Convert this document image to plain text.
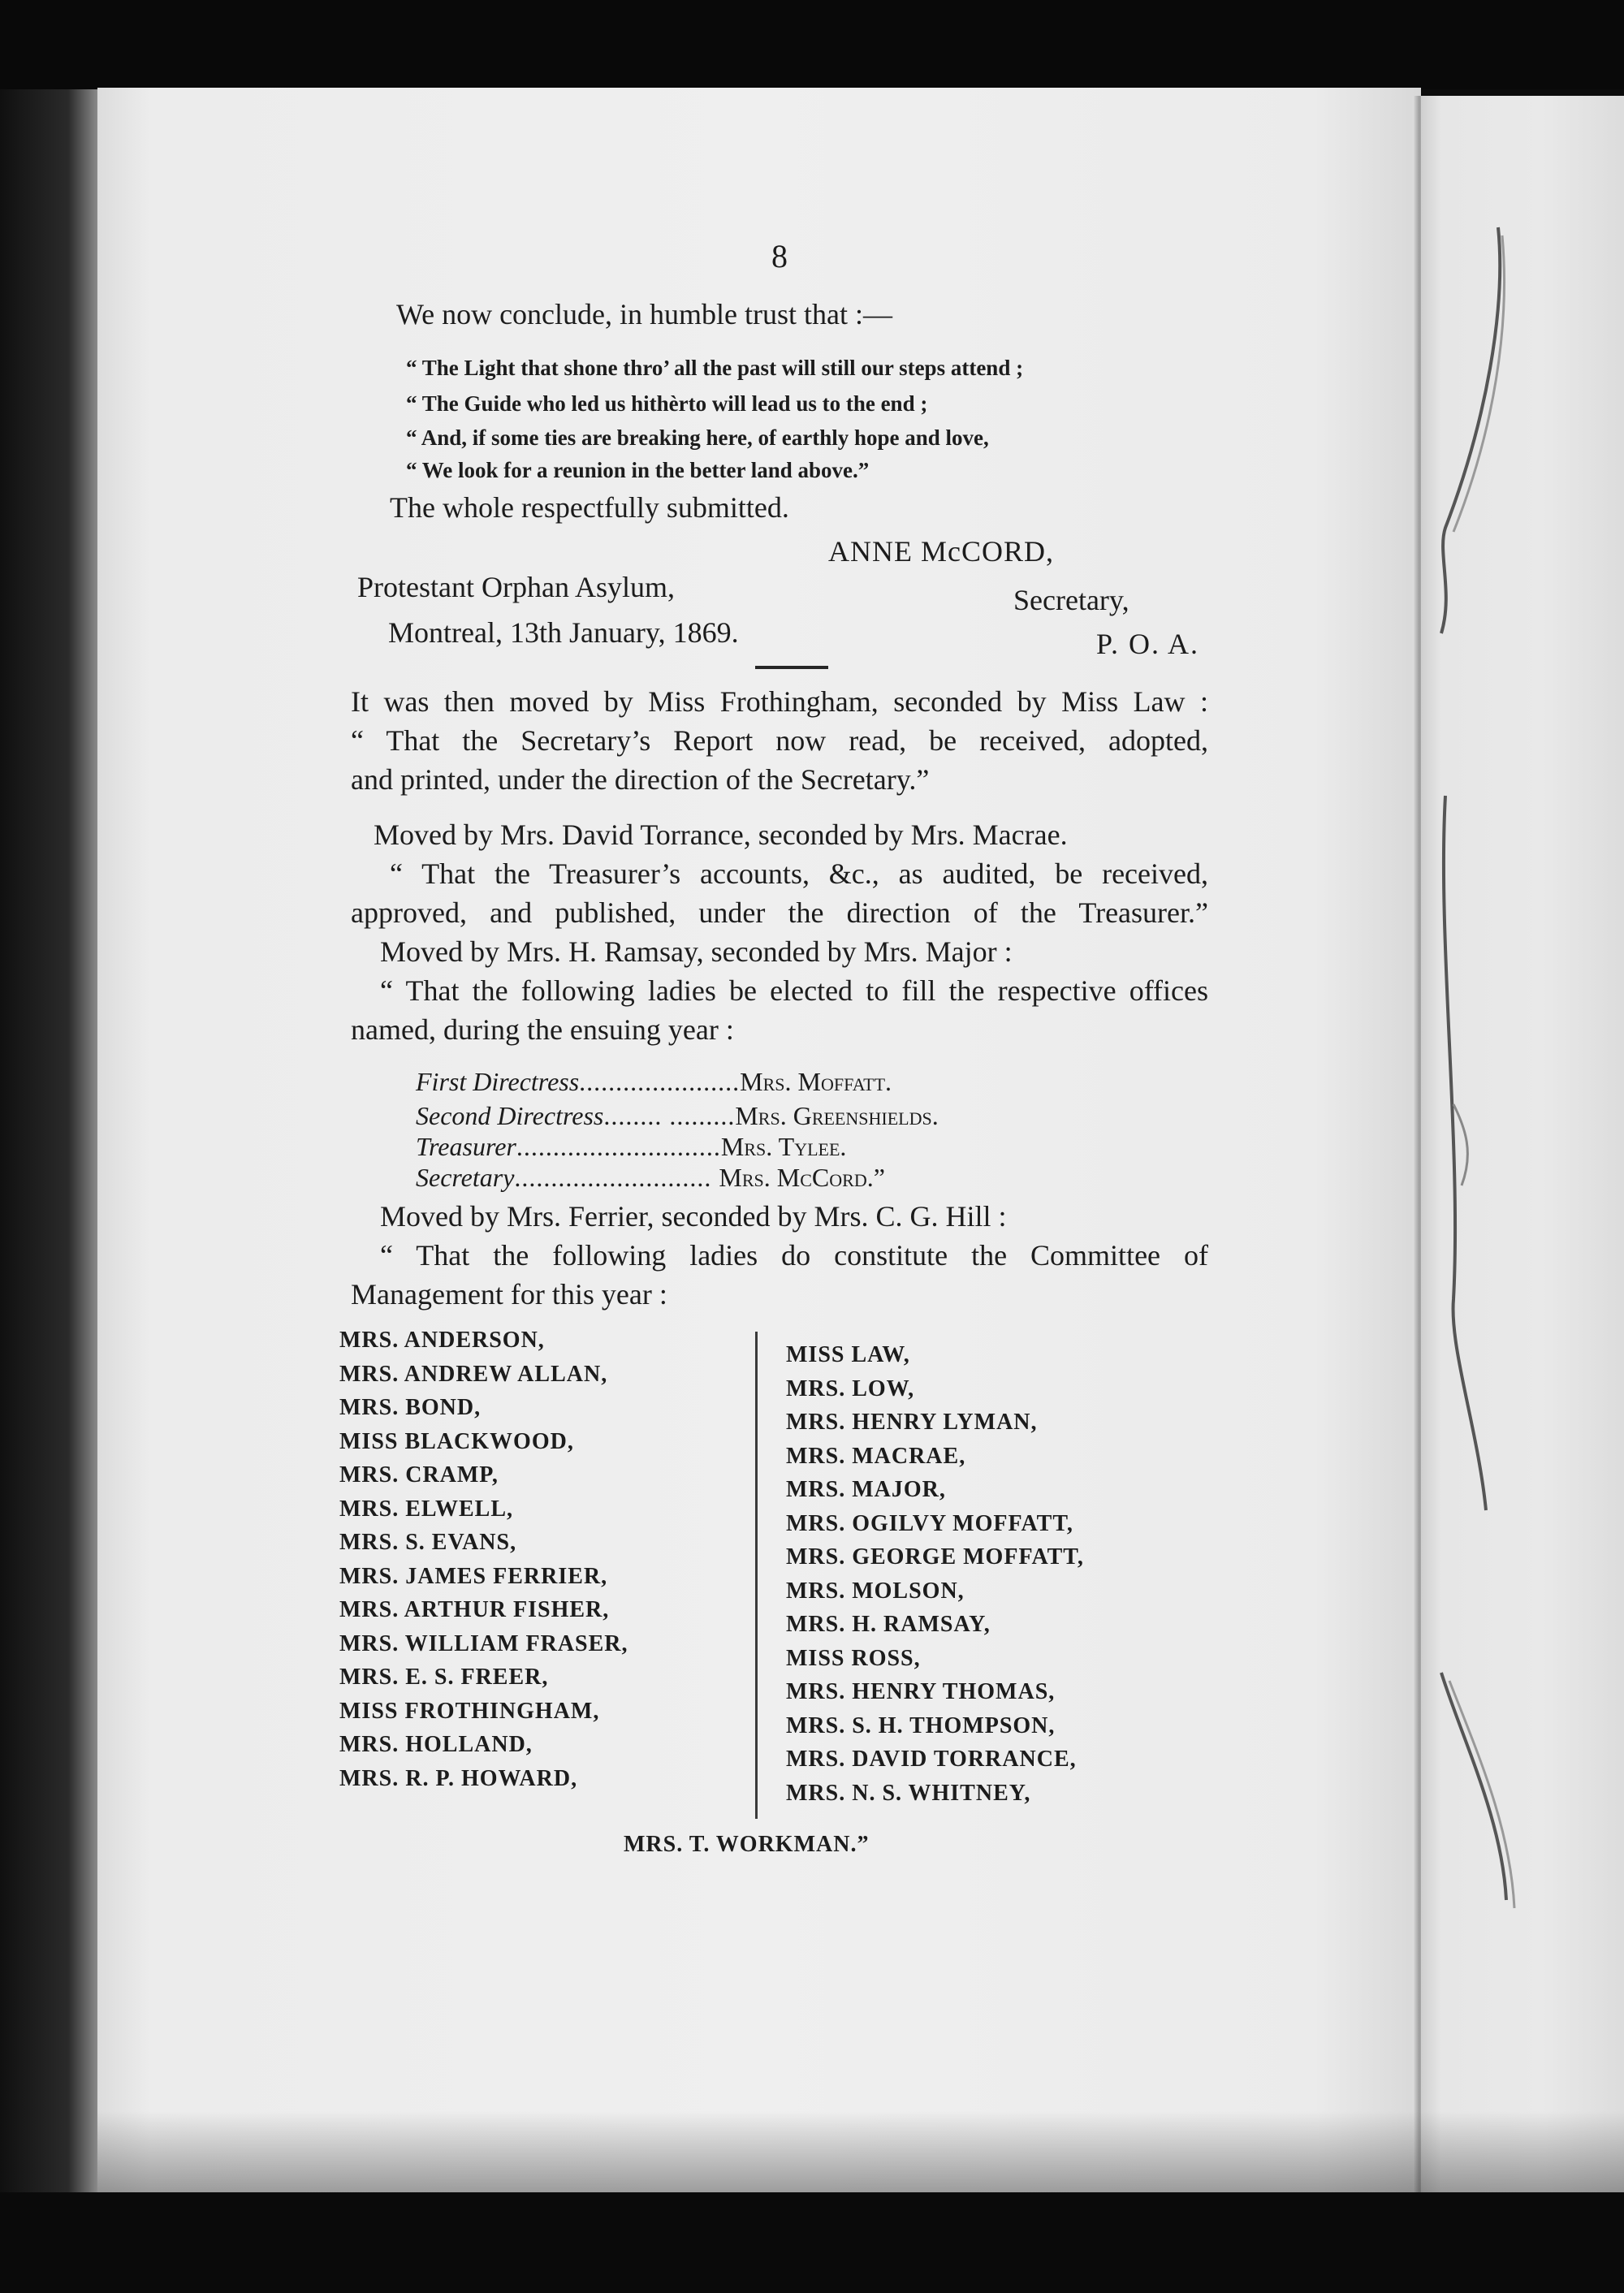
8
We now conclude, in humble trust that :—
“ The Light that shone thro’ all the past will still our steps attend ;
“ The Guide who led us hithèrto will lead us to the end ;
“ And, if some ties are breaking here, of earthly hope and love,
“ We look for a reunion in the better land above.”
The whole respectfully submitted.
ANNE McCORD,
Protestant Orphan Asylum,	Secretary,
Montreal, 13th January, 1869.	P. O. A.
It was then moved by Miss Frothingham, seconded by Miss Law :
“ That the Secretary’s Report now read, be received, adopted,
and printed, under the direction of the Secretary.”
Moved by Mrs. David Torrance, seconded by Mrs. Macrae.
“ That the Treasurer’s accounts, &c., as audited, be received,
approved, and published, under the direction of the Treasurer.”
Moved by Mrs. H. Ramsay, seconded by Mrs. Major :
“ That the following ladies be elected to fill the respective offices
named, during the ensuing year :
First Directress......................Mrs. Moffatt.
Second Directress........ .........Mrs. Greenshields.
Treasurer............................Mrs. Tylee.
Secretary........................... Mrs. McCord.”
Moved by Mrs. Ferrier, seconded by Mrs. C. G. Hill :
“ That the following ladies do constitute the Committee of
Management for this year :
MRS. ANDERSON,
MRS. ANDREW ALLAN,
MRS. BOND,
MISS BLACKWOOD,
MRS. CRAMP,
MRS. ELWELL,
MRS. S. EVANS,
MRS. JAMES FERRIER,
MRS. ARTHUR FISHER,
MRS. WILLIAM FRASER,
MRS. E. S. FREER,
MISS FROTHINGHAM,
MRS. HOLLAND,
MRS. R. P. HOWARD,
MISS LAW,
MRS. LOW,
MRS. HENRY LYMAN,
MRS. MACRAE,
MRS. MAJOR,
MRS. OGILVY MOFFATT,
MRS. GEORGE MOFFATT,
MRS. MOLSON,
MRS. H. RAMSAY,
MISS ROSS,
MRS. HENRY THOMAS,
MRS. S. H. THOMPSON,
MRS. DAVID TORRANCE,
MRS. N. S. WHITNEY,
MRS. T. WORKMAN.”
